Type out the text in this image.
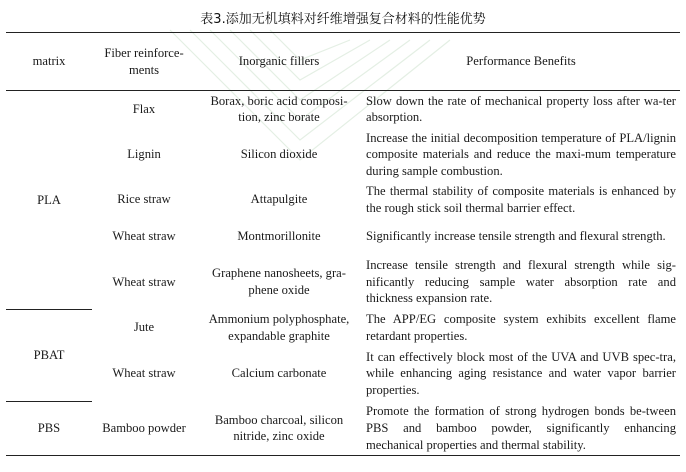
表3.添加无机填料对纤维增强复合材料的性能优势
matrix	Fiber reinforce-ments	Inorganic fillers	Performance Benefits
PLA	Flax	Borax, boric acid composi-tion, zinc borate	Slow down the rate of mechanical property loss after wa-ter absorption.
	Lignin	Silicon dioxide	Increase the initial decomposition temperature of PLA/lignin composite materials and reduce the maxi-mum temperature during sample combustion.
	Rice straw	Attapulgite	The thermal stability of composite materials is enhanced by the rough stick soil thermal barrier effect.
	Wheat straw	Montmorillonite	Significantly increase tensile strength and flexural strength.
	Wheat straw	Graphene nanosheets, gra-phene oxide	Increase tensile strength and flexural strength while sig-nificantly reducing sample water absorption rate and thickness expansion rate.
PBAT	Jute	Ammonium polyphosphate, expandable graphite	The APP/EG composite system exhibits excellent flame retardant properties.
	Wheat straw	Calcium carbonate	It can effectively block most of the UVA and UVB spec-tra, while enhancing aging resistance and water vapor barrier properties.
PBS	Bamboo powder	Bamboo charcoal, silicon nitride, zinc oxide	Promote the formation of strong hydrogen bonds be-tween PBS and bamboo powder, significantly enhancing mechanical properties and thermal stability.
